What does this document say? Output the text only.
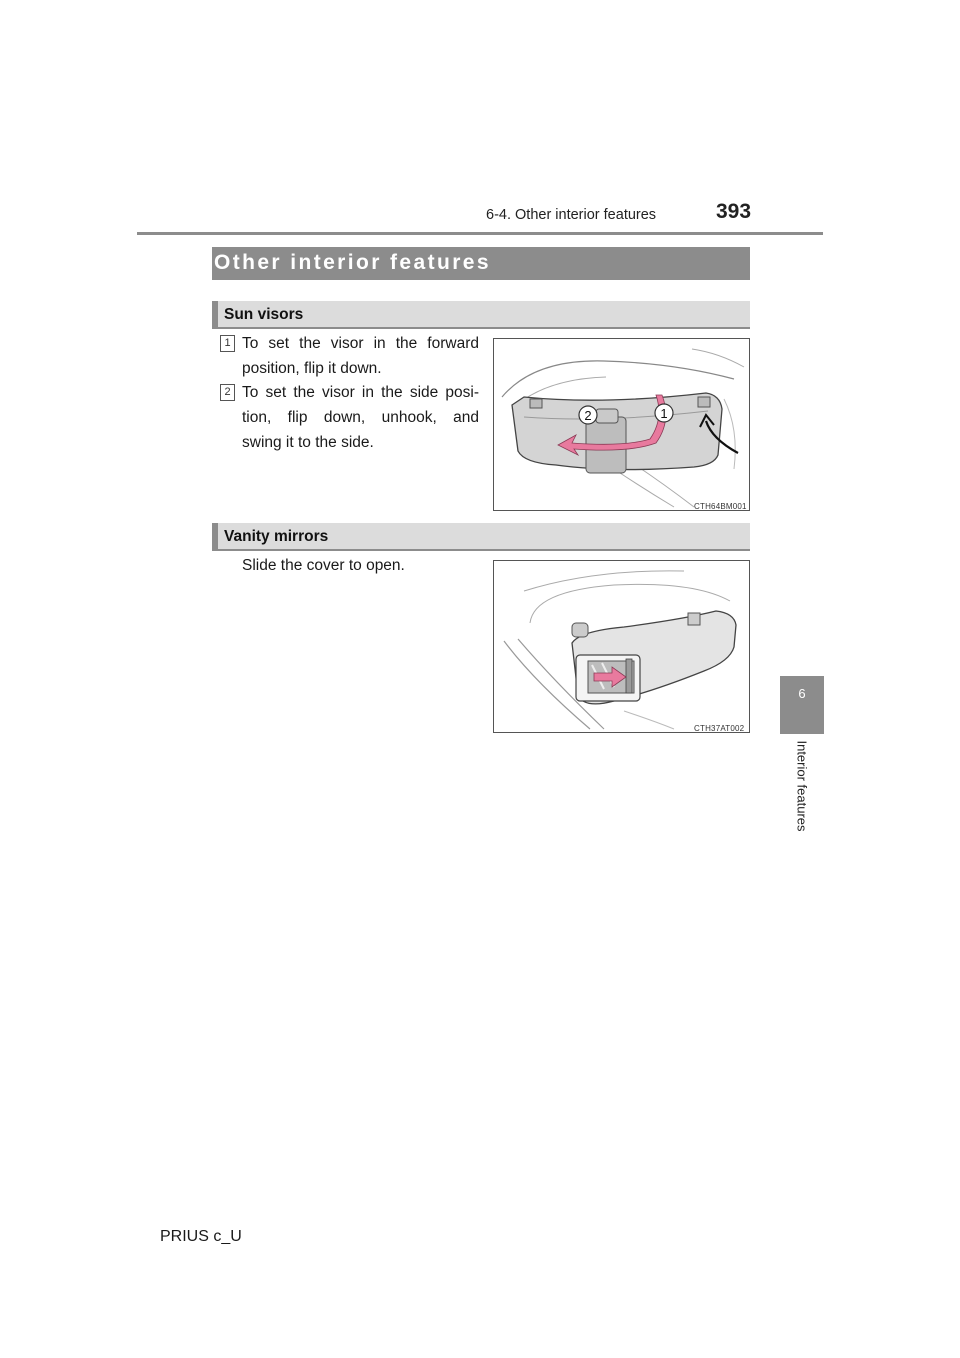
6-4. Other interior features	393
6
Interior features
Other interior features
Sun visors
1 To set the visor in the forward
position, flip it down.
2 To set the visor in the side posi-
tion, flip down, unhook, and
swing it to the side.
2	1
CTH64BM001
Vanity mirrors
Slide the cover to open.
CTH37AT002
PRIUS c_U
